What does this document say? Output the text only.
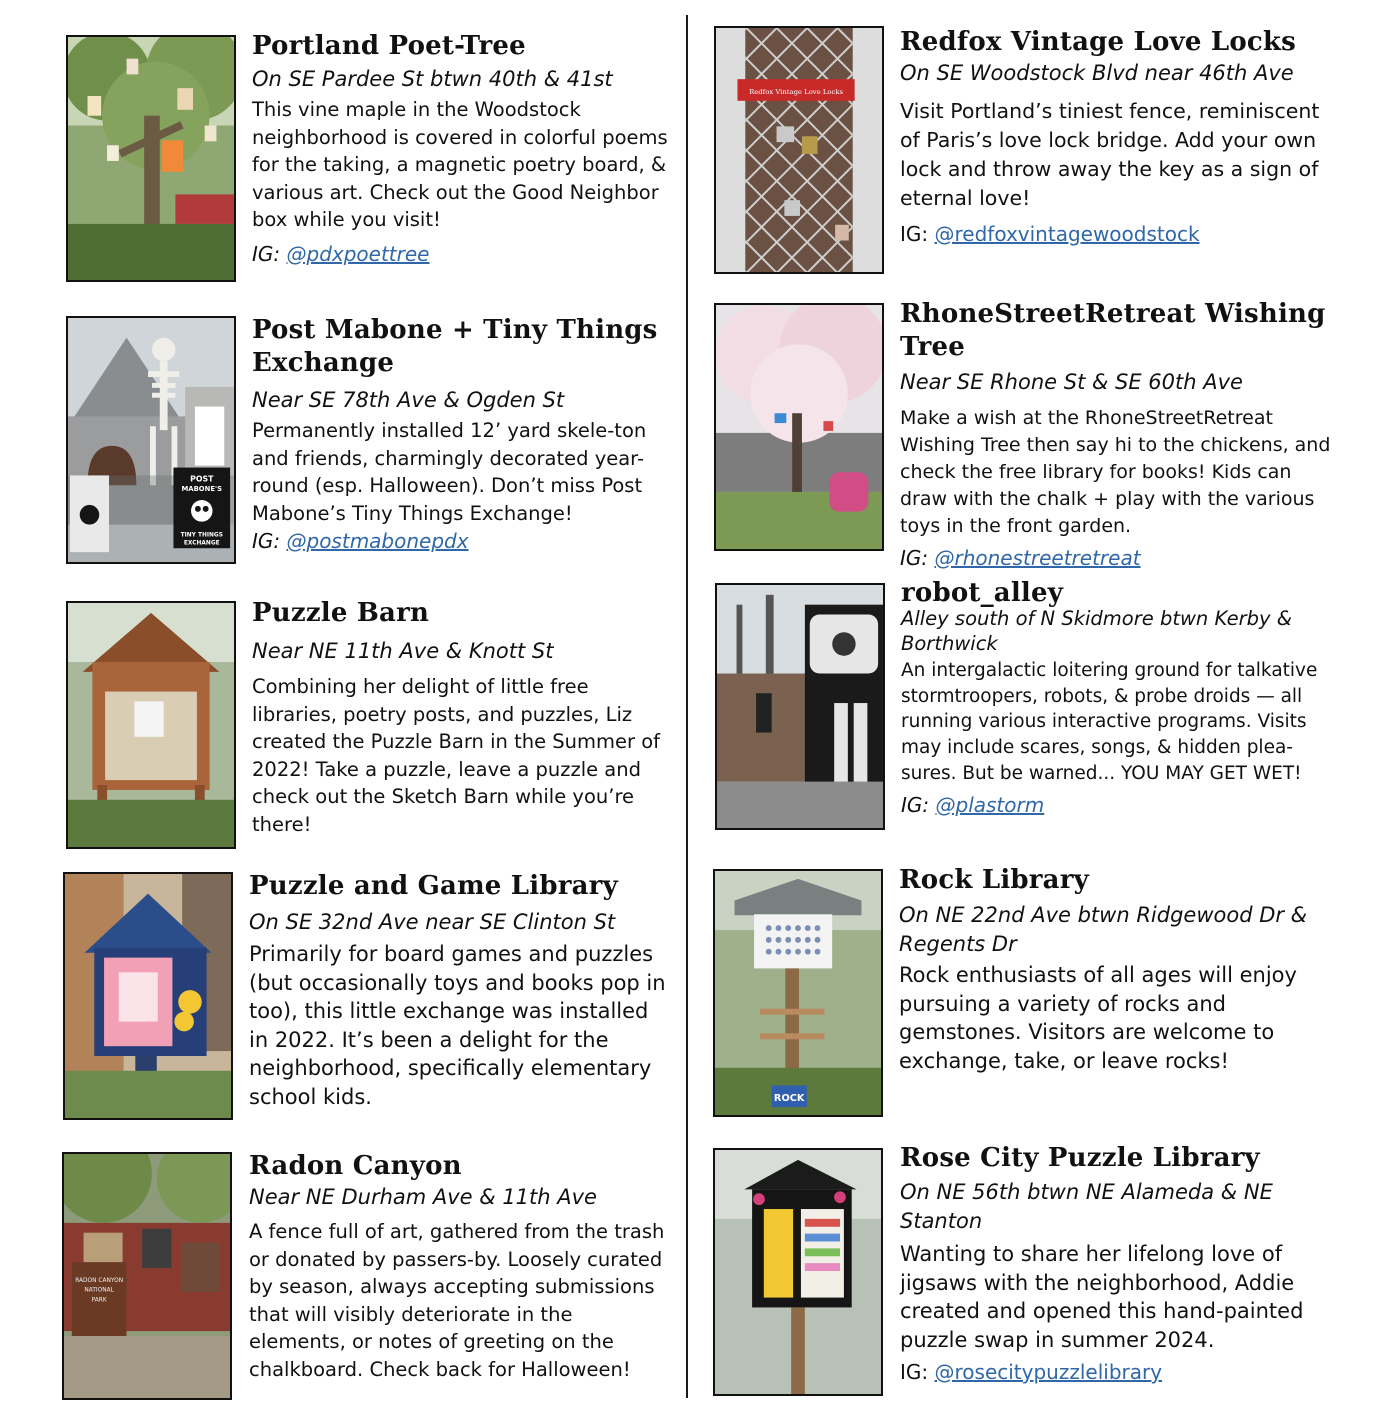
Portland Poet-Tree
On SE Pardee St btwn 40th & 41st

This vine maple in the Woodstock neighborhood is covered in colorful poems for the taking, a magnetic poetry board, & various art. Check out the Good Neighbor box while you visit!

IG: @pdxpoettree
POST
MABONE'S
TINY THINGS
EXCHANGE
Post Mabone + Tiny Things Exchange
Near SE 78th Ave & Ogden St

Permanently installed 12’ yard skele-ton and friends, charmingly decorated year-round (esp. Halloween). Don’t miss Post Mabone’s Tiny Things Exchange!

IG: @postmabonepdx
Puzzle Barn
Near NE 11th Ave & Knott St

Combining her delight of little free libraries, poetry posts, and puzzles, Liz created the Puzzle Barn in the Summer of 2022! Take a puzzle, leave a puzzle and check out the Sketch Barn while you’re there!

Puzzle and Game Library
On SE 32nd Ave near SE Clinton St

Primarily for board games and puzzles (but occasionally toys and books pop in too), this little exchange was installed in 2022. It’s been a delight for the neighborhood, specifically elementary school kids.

RADON CANYON
NATIONAL
PARK
Radon Canyon
Near NE Durham Ave & 11th Ave

A fence full of art, gathered from the trash or donated by passers-by. Loosely curated by season, always accepting submissions that will visibly deteriorate in the elements, or notes of greeting on the chalkboard. Check back for Halloween!

Redfox Vintage Love Locks
Redfox Vintage Love Locks
On SE Woodstock Blvd near 46th Ave

Visit Portland’s tiniest fence, reminiscent of Paris’s love lock bridge. Add your own lock and throw away the key as a sign of eternal love!

IG: @redfoxvintagewoodstock
RhoneStreetRetreat Wishing Tree
Near SE Rhone St & SE 60th Ave

Make a wish at the RhoneStreetRetreat Wishing Tree then say hi to the chickens, and check the free library for books! Kids can draw with the chalk + play with the various toys in the front garden.

IG: @rhonestreetretreat
robot_alley
Alley south of N Skidmore btwn Kerby & Borthwick

An intergalactic loitering ground for talkative stormtroopers, robots, & probe droids — all running various interactive programs. Visits may include scares, songs, & hidden plea-sures. But be warned... YOU MAY GET WET!

IG: @plastorm
ROCK
Rock Library
On NE 22nd Ave btwn Ridgewood Dr & Regents Dr

Rock enthusiasts of all ages will enjoy pursuing a variety of rocks and gemstones. Visitors are welcome to exchange, take, or leave rocks!

Rose City Puzzle Library
On NE 56th btwn NE Alameda & NE Stanton

Wanting to share her lifelong love of jigsaws with the neighborhood, Addie created and opened this hand-painted puzzle swap in summer 2024.

IG: @rosecitypuzzlelibrary
